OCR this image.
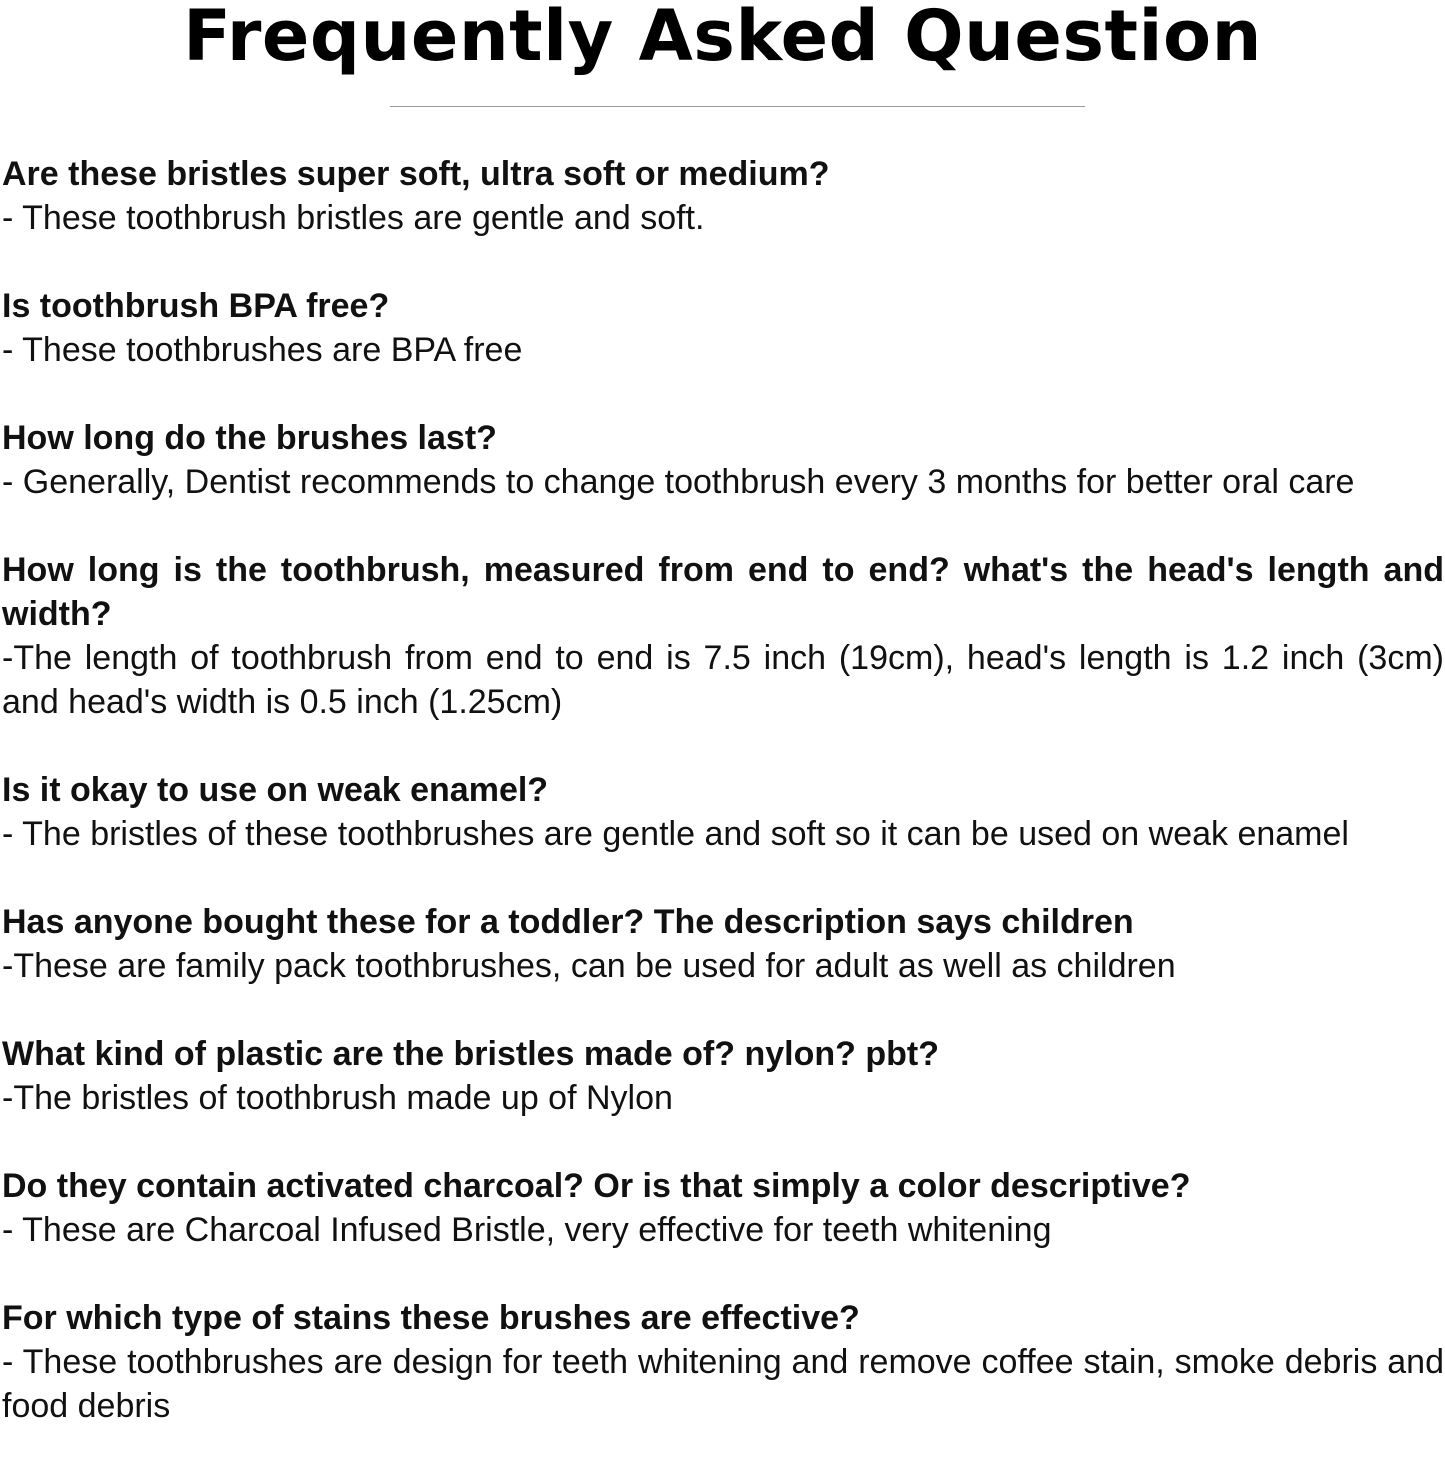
Frequently Asked Question

Are these bristles super soft, ultra soft or medium?

- These toothbrush bristles are gentle and soft.

Is toothbrush BPA free?

- These toothbrushes are BPA free

How long do the brushes last?

- Generally, Dentist recommends to change toothbrush every 3 months for better oral care

How long is the toothbrush, measured from end to end? what's the head's length and width?

-The length of toothbrush from end to end is 7.5 inch (19cm), head's length is 1.2 inch (3cm) and head's width is 0.5 inch (1.25cm)

Is it okay to use on weak enamel?

- The bristles of these toothbrushes are gentle and soft so it can be used on weak enamel

Has anyone bought these for a toddler? The description says children

-These are family pack toothbrushes, can be used for adult as well as children

What kind of plastic are the bristles made of? nylon? pbt?

-The bristles of toothbrush made up of Nylon

Do they contain activated charcoal? Or is that simply a color descriptive?

- These are Charcoal Infused Bristle, very effective for teeth whitening

For which type of stains these brushes are effective?

- These toothbrushes are design for teeth whitening and remove coffee stain, smoke debris and food debris
